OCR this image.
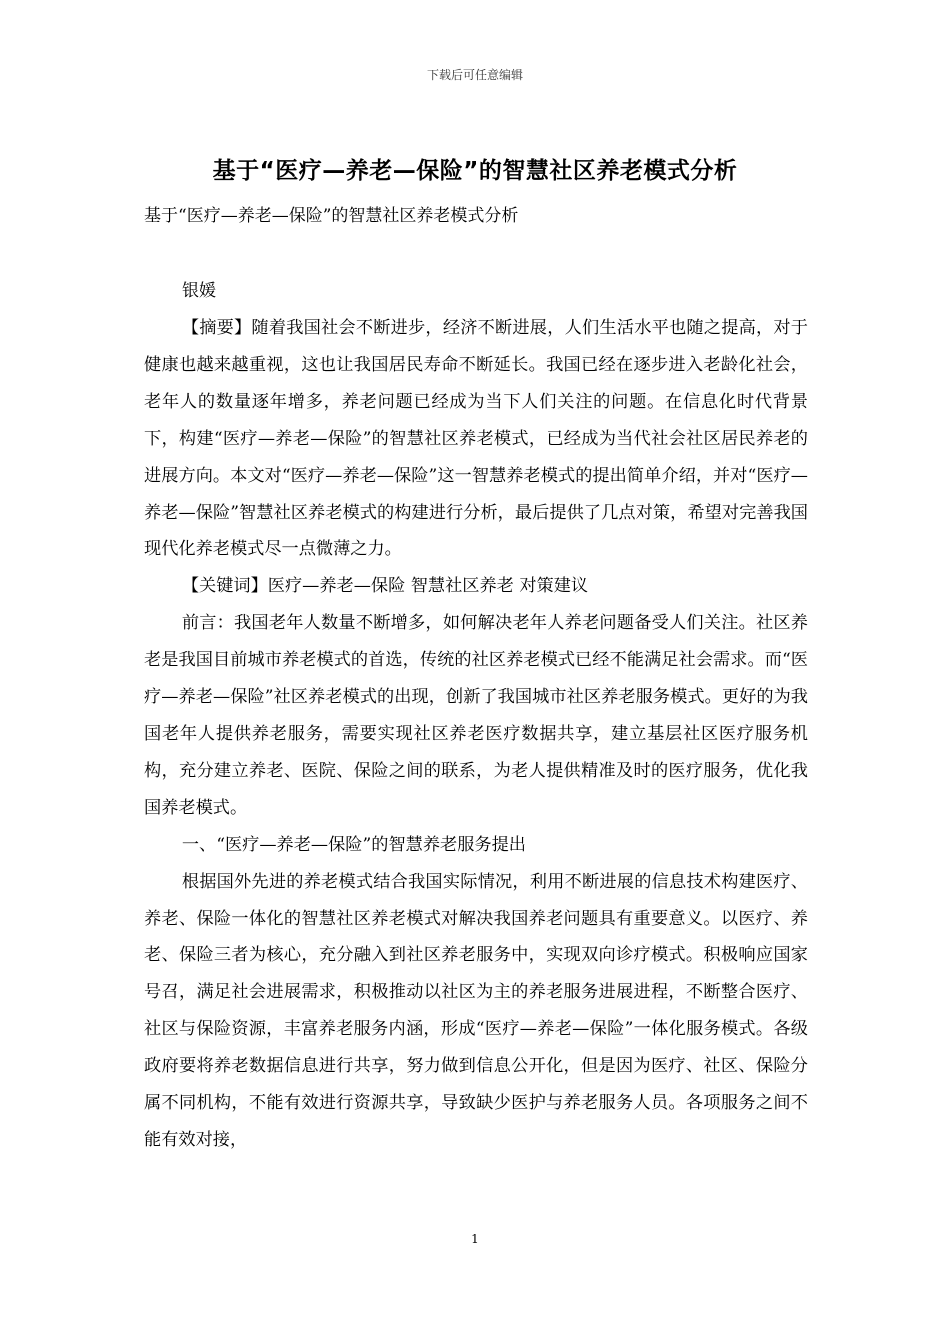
下载后可任意编辑
基于“医疗—养老—保险”的智慧社区养老模式分析
基于“医疗—养老—保险”的智慧社区养老模式分析
银媛

【摘要】随着我国社会不断进步，经济不断进展，人们生活水平也随之提高，对于健康也越来越重视，这也让我国居民寿命不断延长。我国已经在逐步进入老龄化社会，老年人的数量逐年增多，养老问题已经成为当下人们关注的问题。在信息化时代背景下，构建“医疗—养老—保险”的智慧社区养老模式，已经成为当代社会社区居民养老的进展方向。本文对“医疗—养老—保险”这一智慧养老模式的提出简单介绍，并对“医疗—养老—保险”智慧社区养老模式的构建进行分析，最后提供了几点对策，希望对完善我国现代化养老模式尽一点微薄之力。

【关键词】医疗—养老—保险 智慧社区养老 对策建议

前言：我国老年人数量不断增多，如何解决老年人养老问题备受人们关注。社区养老是我国目前城市养老模式的首选，传统的社区养老模式已经不能满足社会需求。而“医疗—养老—保险”社区养老模式的出现，创新了我国城市社区养老服务模式。更好的为我国老年人提供养老服务，需要实现社区养老医疗数据共享，建立基层社区医疗服务机构，充分建立养老、医院、保险之间的联系，为老人提供精准及时的医疗服务，优化我国养老模式。

一、“医疗—养老—保险”的智慧养老服务提出

根据国外先进的养老模式结合我国实际情况，利用不断进展的信息技术构建医疗、养老、保险一体化的智慧社区养老模式对解决我国养老问题具有重要意义。以医疗、养老、保险三者为核心，充分融入到社区养老服务中，实现双向诊疗模式。积极响应国家号召，满足社会进展需求，积极推动以社区为主的养老服务进展进程，不断整合医疗、社区与保险资源，丰富养老服务内涵，形成“医疗—养老—保险”一体化服务模式。各级政府要将养老数据信息进行共享，努力做到信息公开化，但是因为医疗、社区、保险分属不同机构，不能有效进行资源共享，导致缺少医护与养老服务人员。各项服务之间不能有效对接，

1
